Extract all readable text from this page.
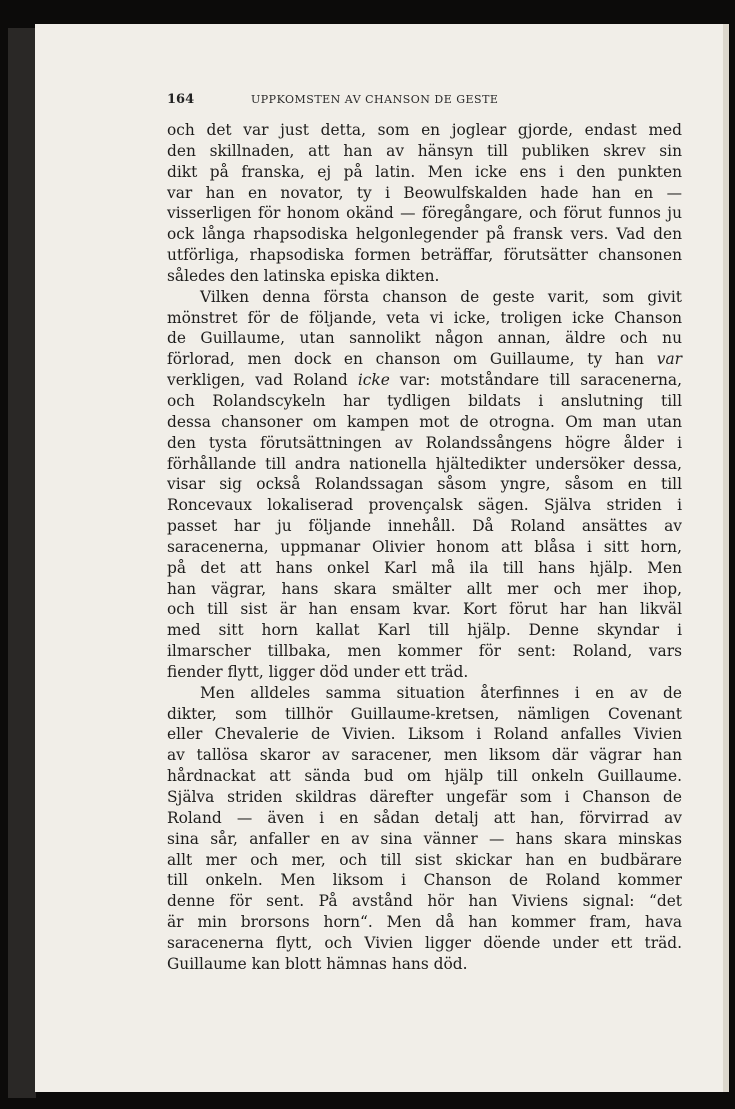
164	UPPKOMSTEN AV CHANSON DE GESTE
och det var just detta, som en joglear gjorde, endast med
den skillnaden, att han av hänsyn till publiken skrev sin
dikt på franska, ej på latin. Men icke ens i den punkten
var han en novator, ty i Beowulfskalden hade han en —
visserligen för honom okänd — föregångare, och förut funnos ju
ock långa rhapsodiska helgonlegender på fransk vers. Vad den
utförliga, rhapsodiska formen beträffar, förutsätter chansonen
således den latinska episka dikten.
Vilken denna första chanson de geste varit, som givit
mönstret för de följande, veta vi icke, troligen icke Chanson
de Guillaume, utan sannolikt någon annan, äldre och nu
förlorad, men dock en chanson om Guillaume, ty han var
verkligen, vad Roland icke var: motståndare till saracenerna,
och Rolandscykeln har tydligen bildats i anslutning till
dessa chansoner om kampen mot de otrogna. Om man utan
den tysta förutsättningen av Rolandssångens högre ålder i
förhållande till andra nationella hjältedikter undersöker dessa,
visar sig också Rolandssagan såsom yngre, såsom en till
Roncevaux lokaliserad provençalsk sägen. Själva striden i
passet har ju följande innehåll. Då Roland ansättes av
saracenerna, uppmanar Olivier honom att blåsa i sitt horn,
på det att hans onkel Karl må ila till hans hjälp. Men
han vägrar, hans skara smälter allt mer och mer ihop,
och till sist är han ensam kvar. Kort förut har han likväl
med sitt horn kallat Karl till hjälp. Denne skyndar i
ilmarscher tillbaka, men kommer för sent: Roland, vars
fiender flytt, ligger död under ett träd.
Men alldeles samma situation återfinnes i en av de
dikter, som tillhör Guillaume-kretsen, nämligen Covenant
eller Chevalerie de Vivien. Liksom i Roland anfalles Vivien
av tallösa skaror av saracener, men liksom där vägrar han
hårdnackat att sända bud om hjälp till onkeln Guillaume.
Själva striden skildras därefter ungefär som i Chanson de
Roland — även i en sådan detalj att han, förvirrad av
sina sår, anfaller en av sina vänner — hans skara minskas
allt mer och mer, och till sist skickar han en budbärare
till onkeln. Men liksom i Chanson de Roland kommer
denne för sent. På avstånd hör han Viviens signal: “det
är min brorsons horn“. Men då han kommer fram, hava
saracenerna flytt, och Vivien ligger döende under ett träd.
Guillaume kan blott hämnas hans död.
